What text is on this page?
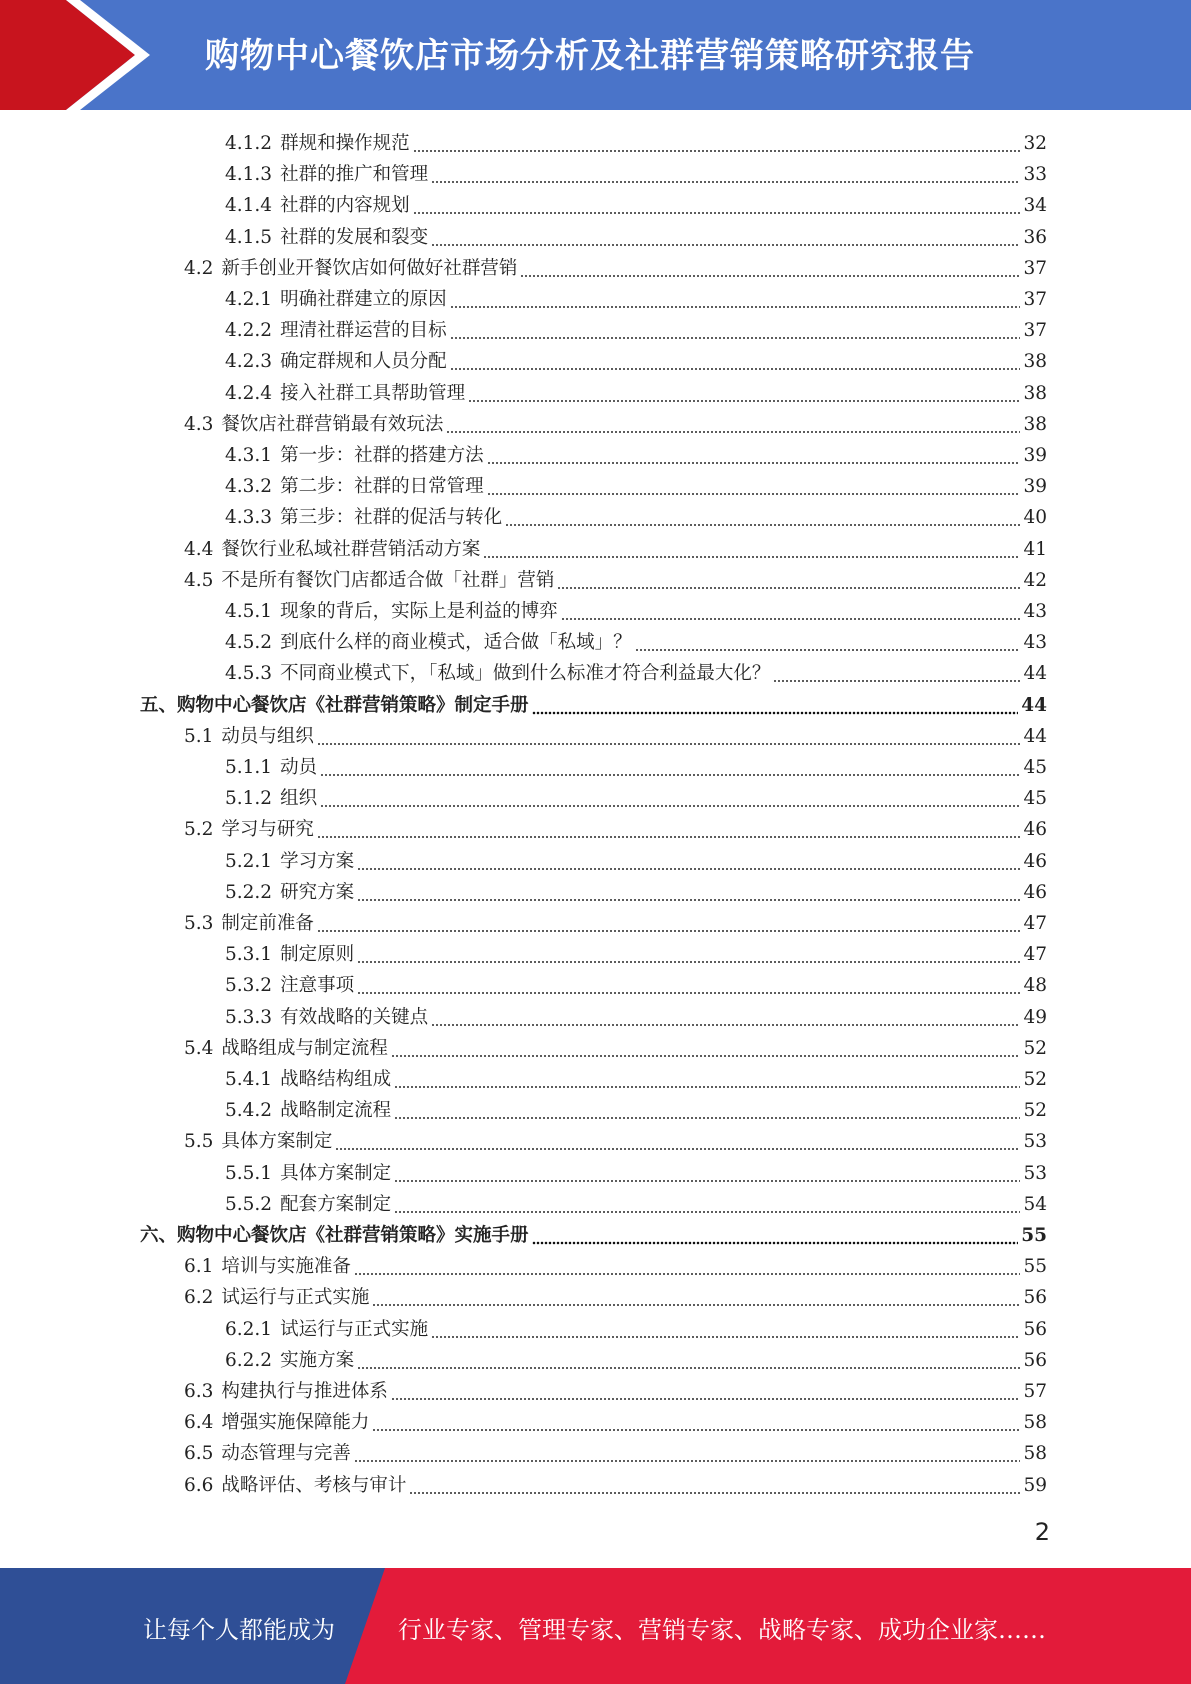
购物中心餐饮店市场分析及社群营销策略研究报告
4.1.2 群规和操作规范	32
4.1.3 社群的推广和管理	33
4.1.4 社群的内容规划	34
4.1.5 社群的发展和裂变	36
4.2 新手创业开餐饮店如何做好社群营销	37
4.2.1 明确社群建立的原因	37
4.2.2 理清社群运营的目标	37
4.2.3 确定群规和人员分配	38
4.2.4 接入社群工具帮助管理	38
4.3 餐饮店社群营销最有效玩法	38
4.3.1 第一步：社群的搭建方法	39
4.3.2 第二步：社群的日常管理	39
4.3.3 第三步：社群的促活与转化	40
4.4 餐饮行业私域社群营销活动方案	41
4.5 不是所有餐饮门店都适合做「社群」营销	42
4.5.1 现象的背后，实际上是利益的博弈	43
4.5.2 到底什么样的商业模式，适合做「私域」？	43
4.5.3 不同商业模式下，「私域」做到什么标准才符合利益最大化？	44
五、购物中心餐饮店《社群营销策略》制定手册	44
5.1 动员与组织	44
5.1.1 动员	45
5.1.2 组织	45
5.2 学习与研究	46
5.2.1 学习方案	46
5.2.2 研究方案	46
5.3 制定前准备	47
5.3.1 制定原则	47
5.3.2 注意事项	48
5.3.3 有效战略的关键点	49
5.4 战略组成与制定流程	52
5.4.1 战略结构组成	52
5.4.2 战略制定流程	52
5.5 具体方案制定	53
5.5.1 具体方案制定	53
5.5.2 配套方案制定	54
六、购物中心餐饮店《社群营销策略》实施手册	55
6.1 培训与实施准备	55
6.2 试运行与正式实施	56
6.2.1 试运行与正式实施	56
6.2.2 实施方案	56
6.3 构建执行与推进体系	57
6.4 增强实施保障能力	58
6.5 动态管理与完善	58
6.6 战略评估、考核与审计	59
2
让每个人都能成为	行业专家、管理专家、营销专家、战略专家、成功企业家……
